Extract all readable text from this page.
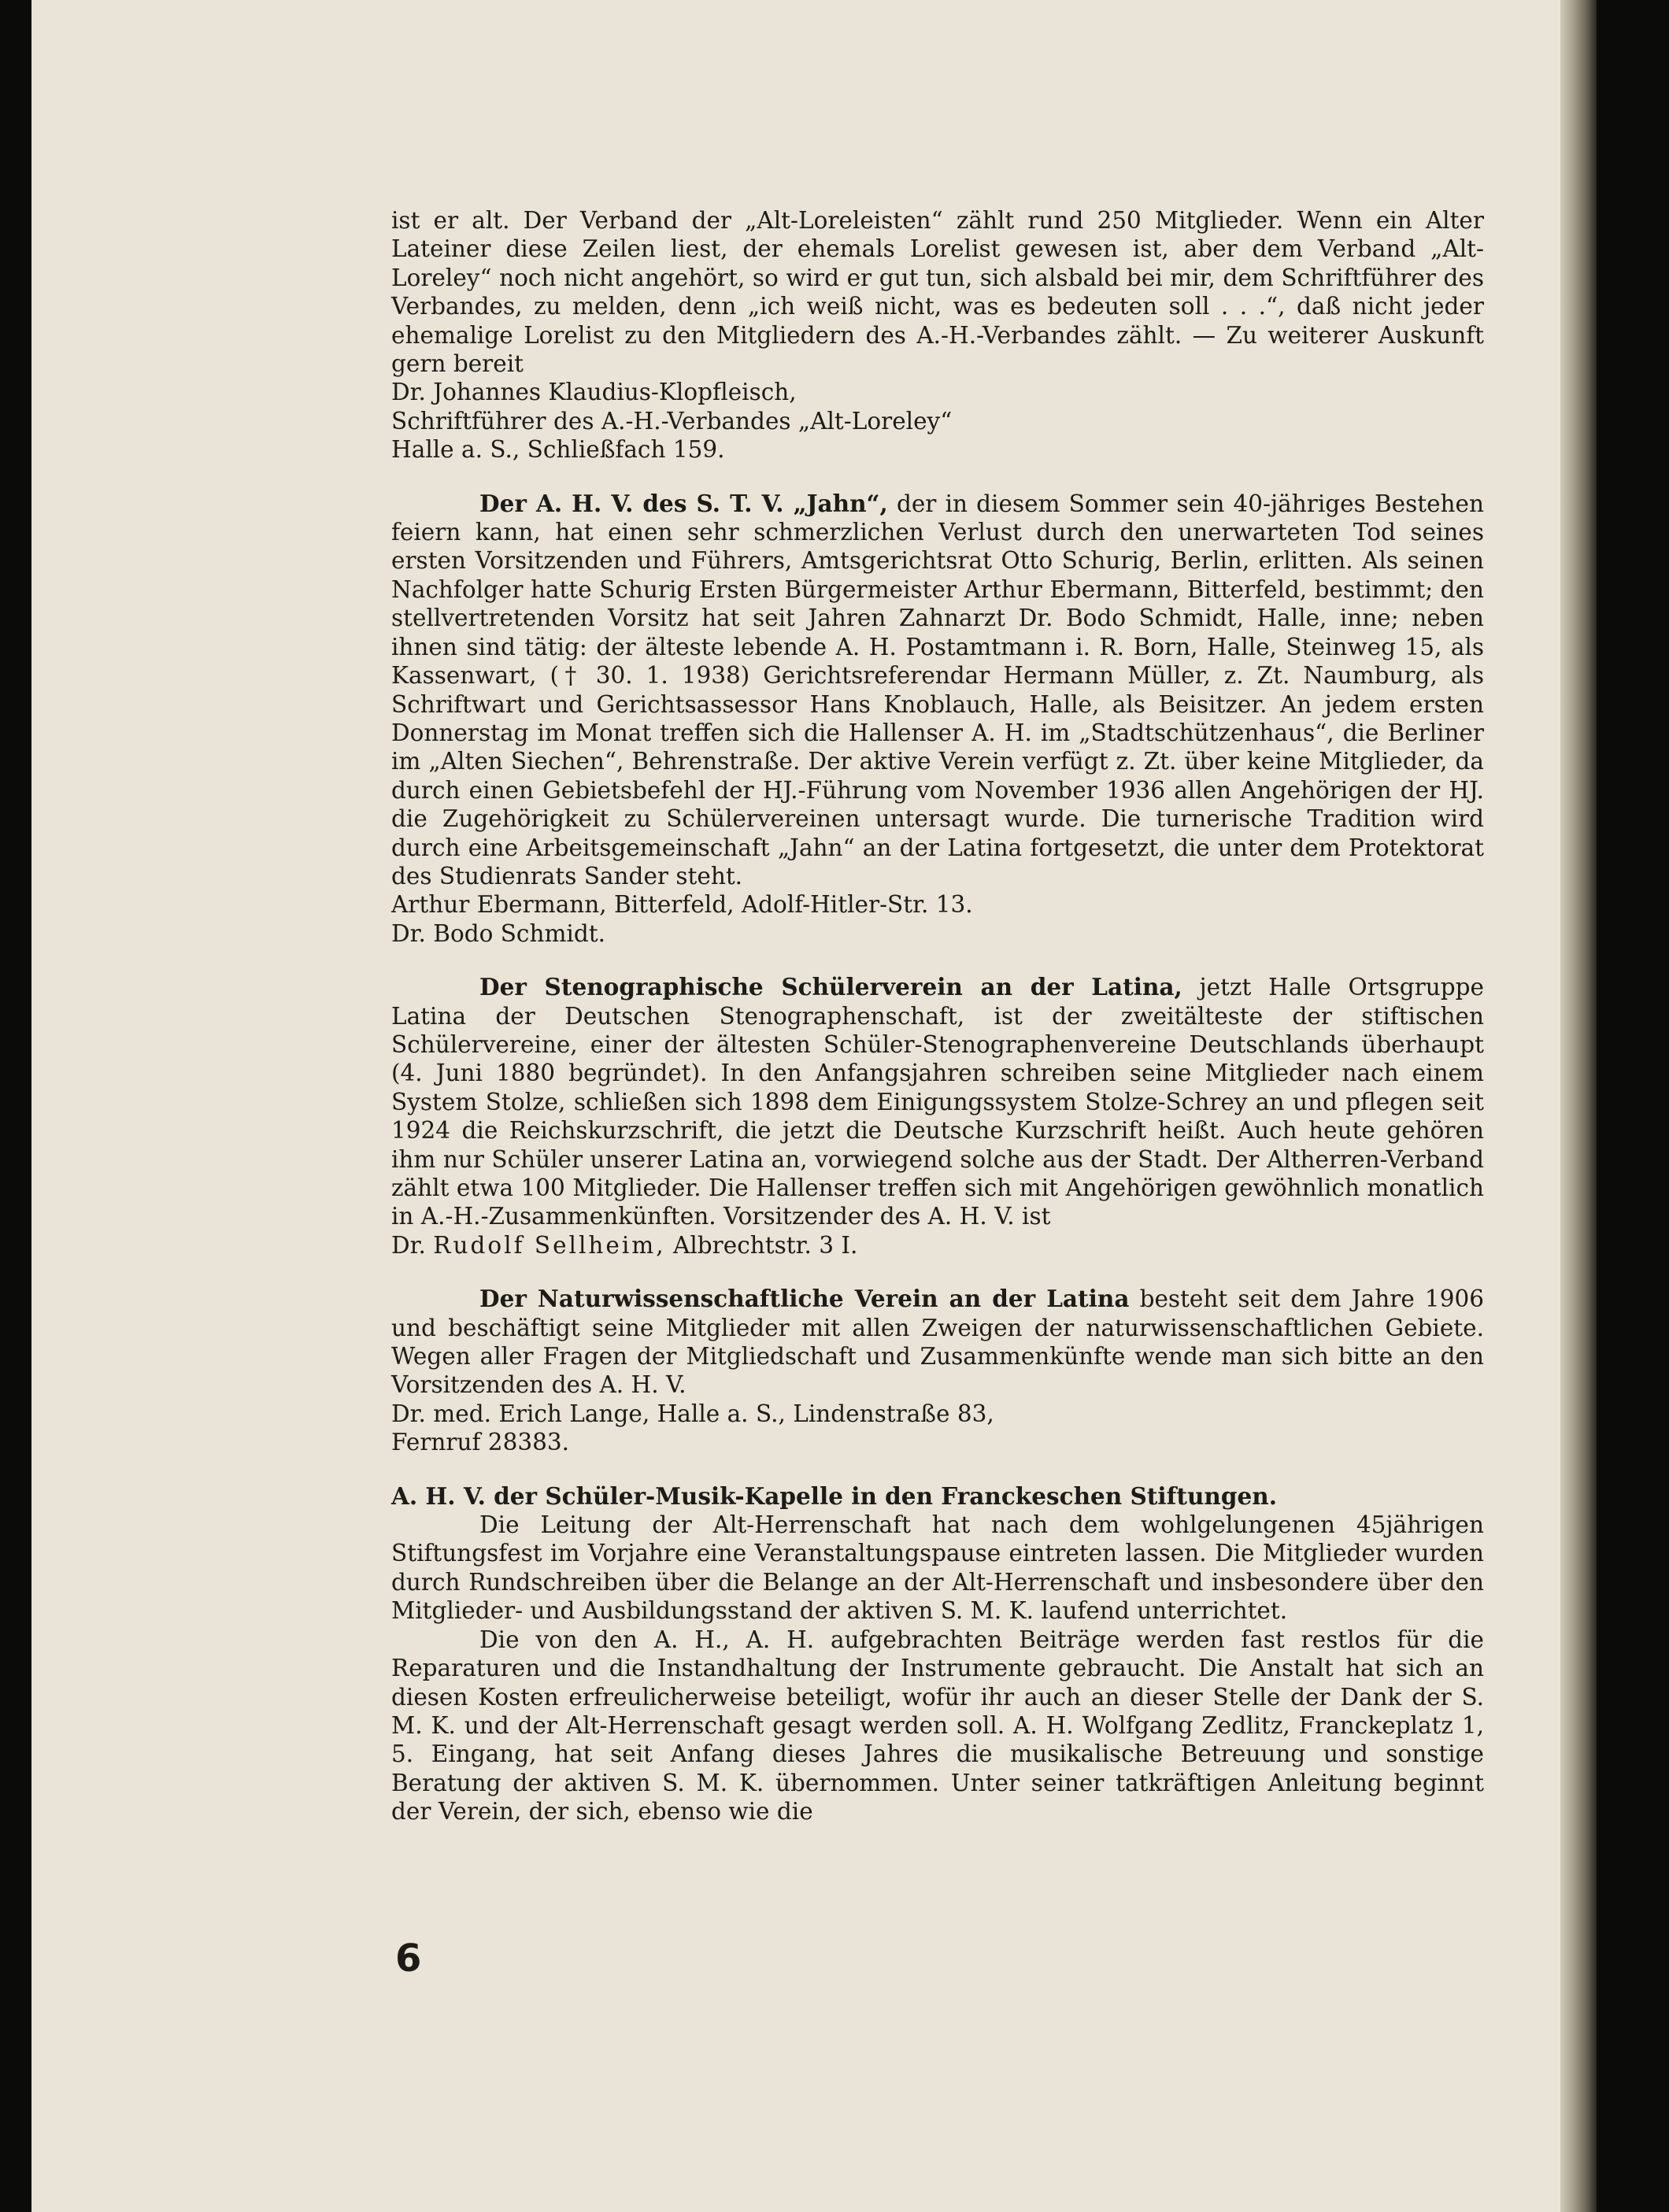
ist er alt. Der Verband der „Alt-Loreleisten“ zählt rund 250 Mitglieder. Wenn ein Alter Lateiner diese Zeilen liest, der ehemals Lorelist gewesen ist, aber dem Verband „Alt-Loreley“ noch nicht angehört, so wird er gut tun, sich alsbald bei mir, dem Schriftführer des Verbandes, zu melden, denn „ich weiß nicht, was es bedeuten soll . . .“, daß nicht jeder ehemalige Lorelist zu den Mitgliedern des A.-H.-Verbandes zählt. — Zu weiterer Auskunft gern bereit

Dr. Johannes Klaudius-Klopfleisch,

Schriftführer des A.-H.-Verbandes „Alt-Loreley“

Halle a. S., Schließfach 159.

Der A. H. V. des S. T. V. „Jahn“, der in diesem Sommer sein 40-jähriges Bestehen feiern kann, hat einen sehr schmerzlichen Verlust durch den unerwarteten Tod seines ersten Vorsitzenden und Führers, Amtsgerichtsrat Otto Schurig, Berlin, erlitten. Als seinen Nachfolger hatte Schurig Ersten Bürgermeister Arthur Ebermann, Bitterfeld, bestimmt; den stellvertretenden Vorsitz hat seit Jahren Zahnarzt Dr. Bodo Schmidt, Halle, inne; neben ihnen sind tätig: der älteste lebende A. H. Postamtmann i. R. Born, Halle, Steinweg 15, als Kassenwart, († 30. 1. 1938) Gerichtsreferendar Hermann Müller, z. Zt. Naumburg, als Schriftwart und Gerichtsassessor Hans Knoblauch, Halle, als Beisitzer. An jedem ersten Donnerstag im Monat treffen sich die Hallenser A. H. im „Stadtschützenhaus“, die Berliner im „Alten Siechen“, Behrenstraße. Der aktive Verein verfügt z. Zt. über keine Mitglieder, da durch einen Gebietsbefehl der HJ.-Führung vom November 1936 allen Angehörigen der HJ. die Zugehörigkeit zu Schülervereinen untersagt wurde. Die turnerische Tradition wird durch eine Arbeitsgemeinschaft „Jahn“ an der Latina fortgesetzt, die unter dem Protektorat des Studienrats Sander steht.

Arthur Ebermann, Bitterfeld, Adolf-Hitler-Str. 13.

Dr. Bodo Schmidt.

Der Stenographische Schülerverein an der Latina, jetzt Halle Ortsgruppe Latina der Deutschen Stenographenschaft, ist der zweitälteste der stiftischen Schülervereine, einer der ältesten Schüler-Stenographenvereine Deutschlands überhaupt (4. Juni 1880 begründet). In den Anfangsjahren schreiben seine Mitglieder nach einem System Stolze, schließen sich 1898 dem Einigungssystem Stolze-Schrey an und pflegen seit 1924 die Reichskurzschrift, die jetzt die Deutsche Kurzschrift heißt. Auch heute gehören ihm nur Schüler unserer Latina an, vorwiegend solche aus der Stadt. Der Altherren-Verband zählt etwa 100 Mitglieder. Die Hallenser treffen sich mit Angehörigen gewöhnlich monatlich in A.-H.-Zusammenkünften. Vorsitzender des A. H. V. ist

Dr. Rudolf Sellheim, Albrechtstr. 3 I.

Der Naturwissenschaftliche Verein an der Latina besteht seit dem Jahre 1906 und beschäftigt seine Mitglieder mit allen Zweigen der naturwissenschaftlichen Gebiete. Wegen aller Fragen der Mitgliedschaft und Zusammenkünfte wende man sich bitte an den Vorsitzenden des A. H. V.

Dr. med. Erich Lange, Halle a. S., Lindenstraße 83,

Fernruf 28383.

A. H. V. der Schüler-Musik-Kapelle in den Franckeschen Stiftungen.

Die Leitung der Alt-Herrenschaft hat nach dem wohlgelungenen 45jährigen Stiftungsfest im Vorjahre eine Veranstaltungspause eintreten lassen. Die Mitglieder wurden durch Rundschreiben über die Belange an der Alt-Herrenschaft und insbesondere über den Mitglieder- und Ausbildungsstand der aktiven S. M. K. laufend unterrichtet.

Die von den A. H., A. H. aufgebrachten Beiträge werden fast restlos für die Reparaturen und die Instandhaltung der Instrumente gebraucht. Die Anstalt hat sich an diesen Kosten erfreulicherweise beteiligt, wofür ihr auch an dieser Stelle der Dank der S. M. K. und der Alt-Herrenschaft gesagt werden soll. A. H. Wolfgang Zedlitz, Franckeplatz 1, 5. Eingang, hat seit Anfang dieses Jahres die musikalische Betreuung und sonstige Beratung der aktiven S. M. K. übernommen. Unter seiner tatkräftigen Anleitung beginnt der Verein, der sich, ebenso wie die

6
